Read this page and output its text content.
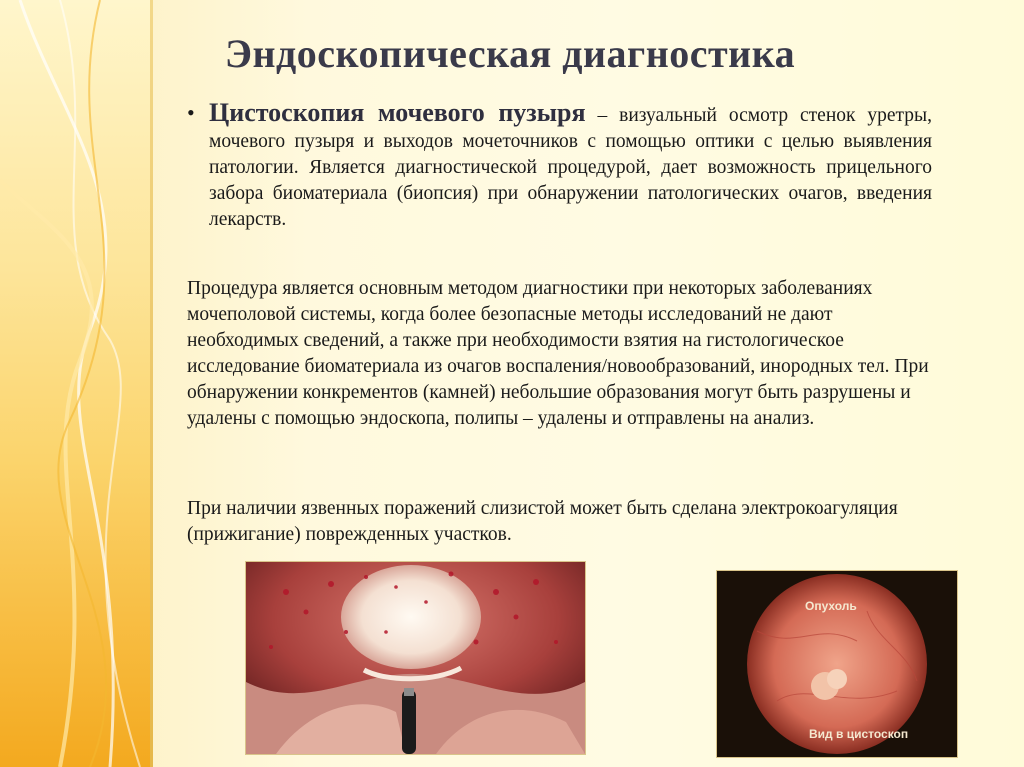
Эндоскопическая диагностика
• Цистоскопия мочевого пузыря – визуальный осмотр стенок уретры, мочевого пузыря и выходов мочеточников с помощью оптики с целью выявления патологии. Является диагностической процедурой, дает возможность прицельного забора биоматериала (биопсия) при обнаружении патологических очагов, введения лекарств.
Процедура является основным методом диагностики при некоторых заболеваниях мочеполовой системы, когда более безопасные методы исследований не дают необходимых сведений, а также при необходимости взятия на гистологическое исследование биоматериала из очагов воспаления/новообразований, инородных тел. При обнаружении конкрементов (камней) небольшие образования могут быть разрушены и удалены с помощью эндоскопа, полипы – удалены и отправлены на анализ.
При наличии язвенных поражений слизистой может быть сделана электрокоагуляция (прижигание) поврежденных участков.
Опухоль
Вид в цистоскоп
